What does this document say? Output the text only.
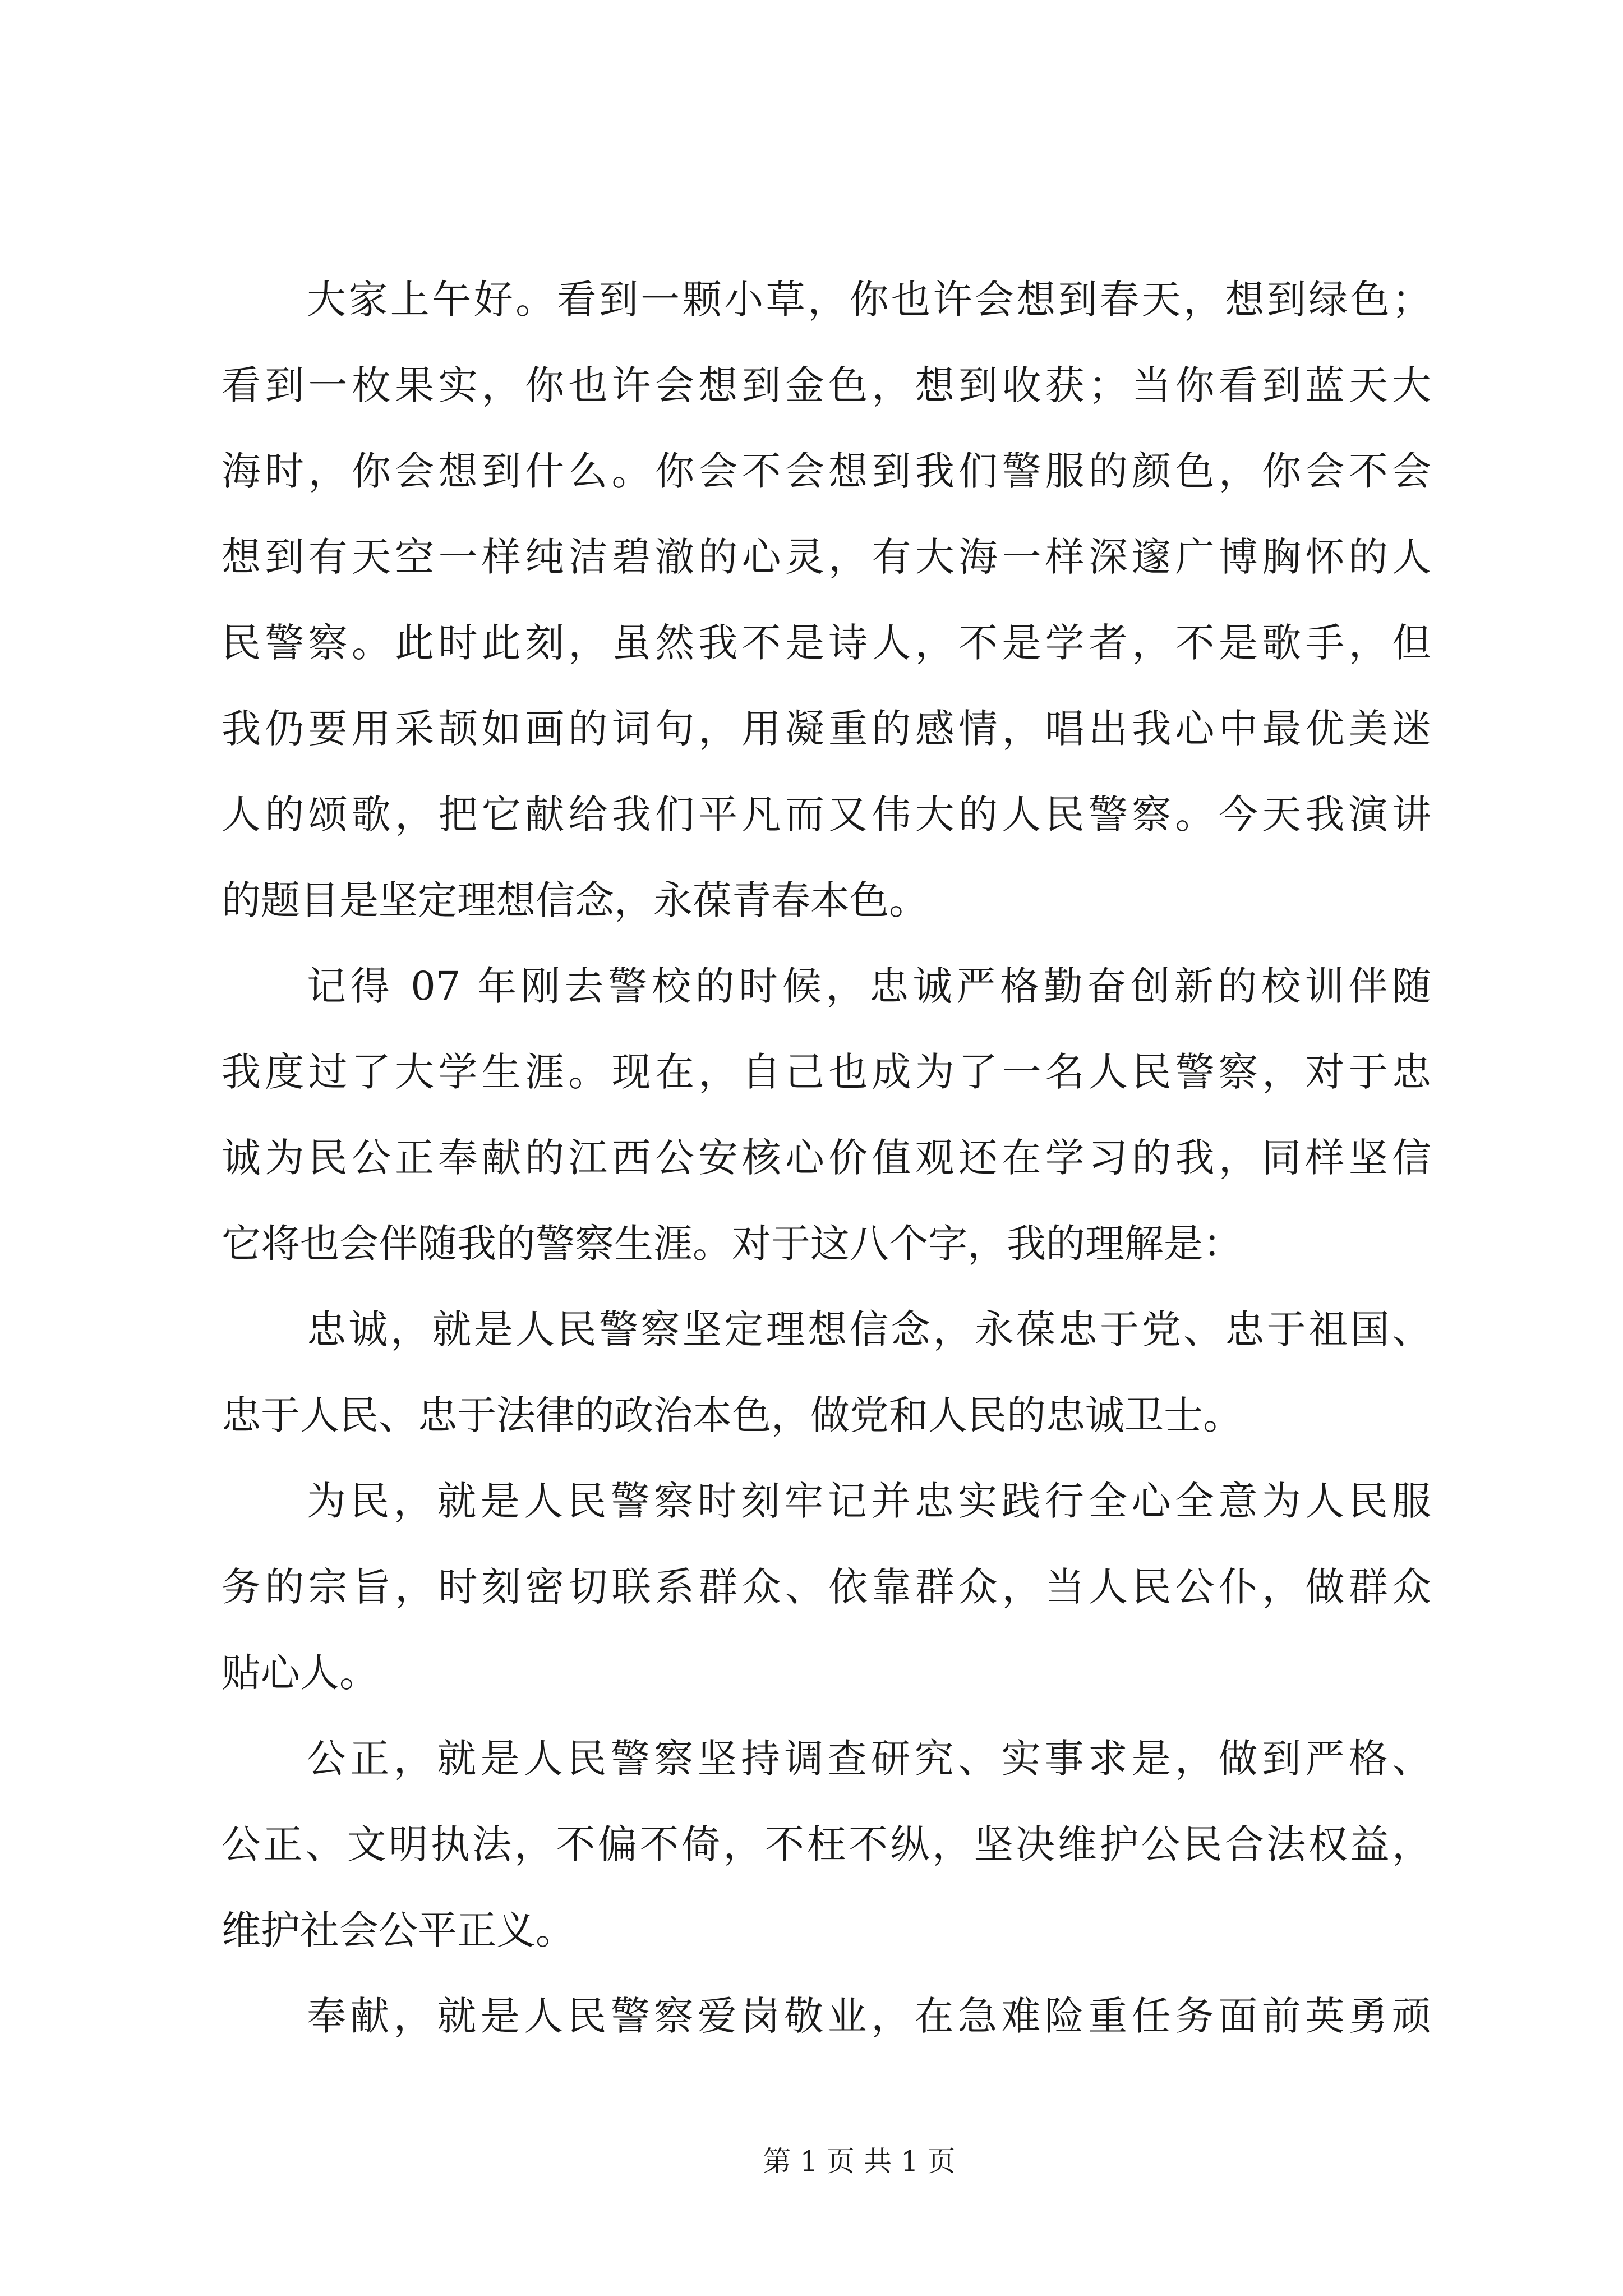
大家上午好。看到一颗小草，你也许会想到春天，想到绿色；
看到一枚果实，你也许会想到金色，想到收获；当你看到蓝天大
海时，你会想到什么。你会不会想到我们警服的颜色，你会不会
想到有天空一样纯洁碧澈的心灵，有大海一样深邃广博胸怀的人
民警察。此时此刻，虽然我不是诗人，不是学者，不是歌手，但
我仍要用采颉如画的词句，用凝重的感情，唱出我心中最优美迷
人的颂歌，把它献给我们平凡而又伟大的人民警察。今天我演讲
的题目是坚定理想信念，永葆青春本色。
记得 07 年刚去警校的时候，忠诚严格勤奋创新的校训伴随
我度过了大学生涯。现在，自己也成为了一名人民警察，对于忠
诚为民公正奉献的江西公安核心价值观还在学习的我，同样坚信
它将也会伴随我的警察生涯。对于这八个字，我的理解是：
忠诚，就是人民警察坚定理想信念，永葆忠于党、忠于祖国、
忠于人民、忠于法律的政治本色，做党和人民的忠诚卫士。
为民，就是人民警察时刻牢记并忠实践行全心全意为人民服
务的宗旨，时刻密切联系群众、依靠群众，当人民公仆，做群众
贴心人。
公正，就是人民警察坚持调查研究、实事求是，做到严格、
公正、文明执法，不偏不倚，不枉不纵，坚决维护公民合法权益，
维护社会公平正义。
奉献，就是人民警察爱岗敬业，在急难险重任务面前英勇顽
第 1 页 共 1 页
